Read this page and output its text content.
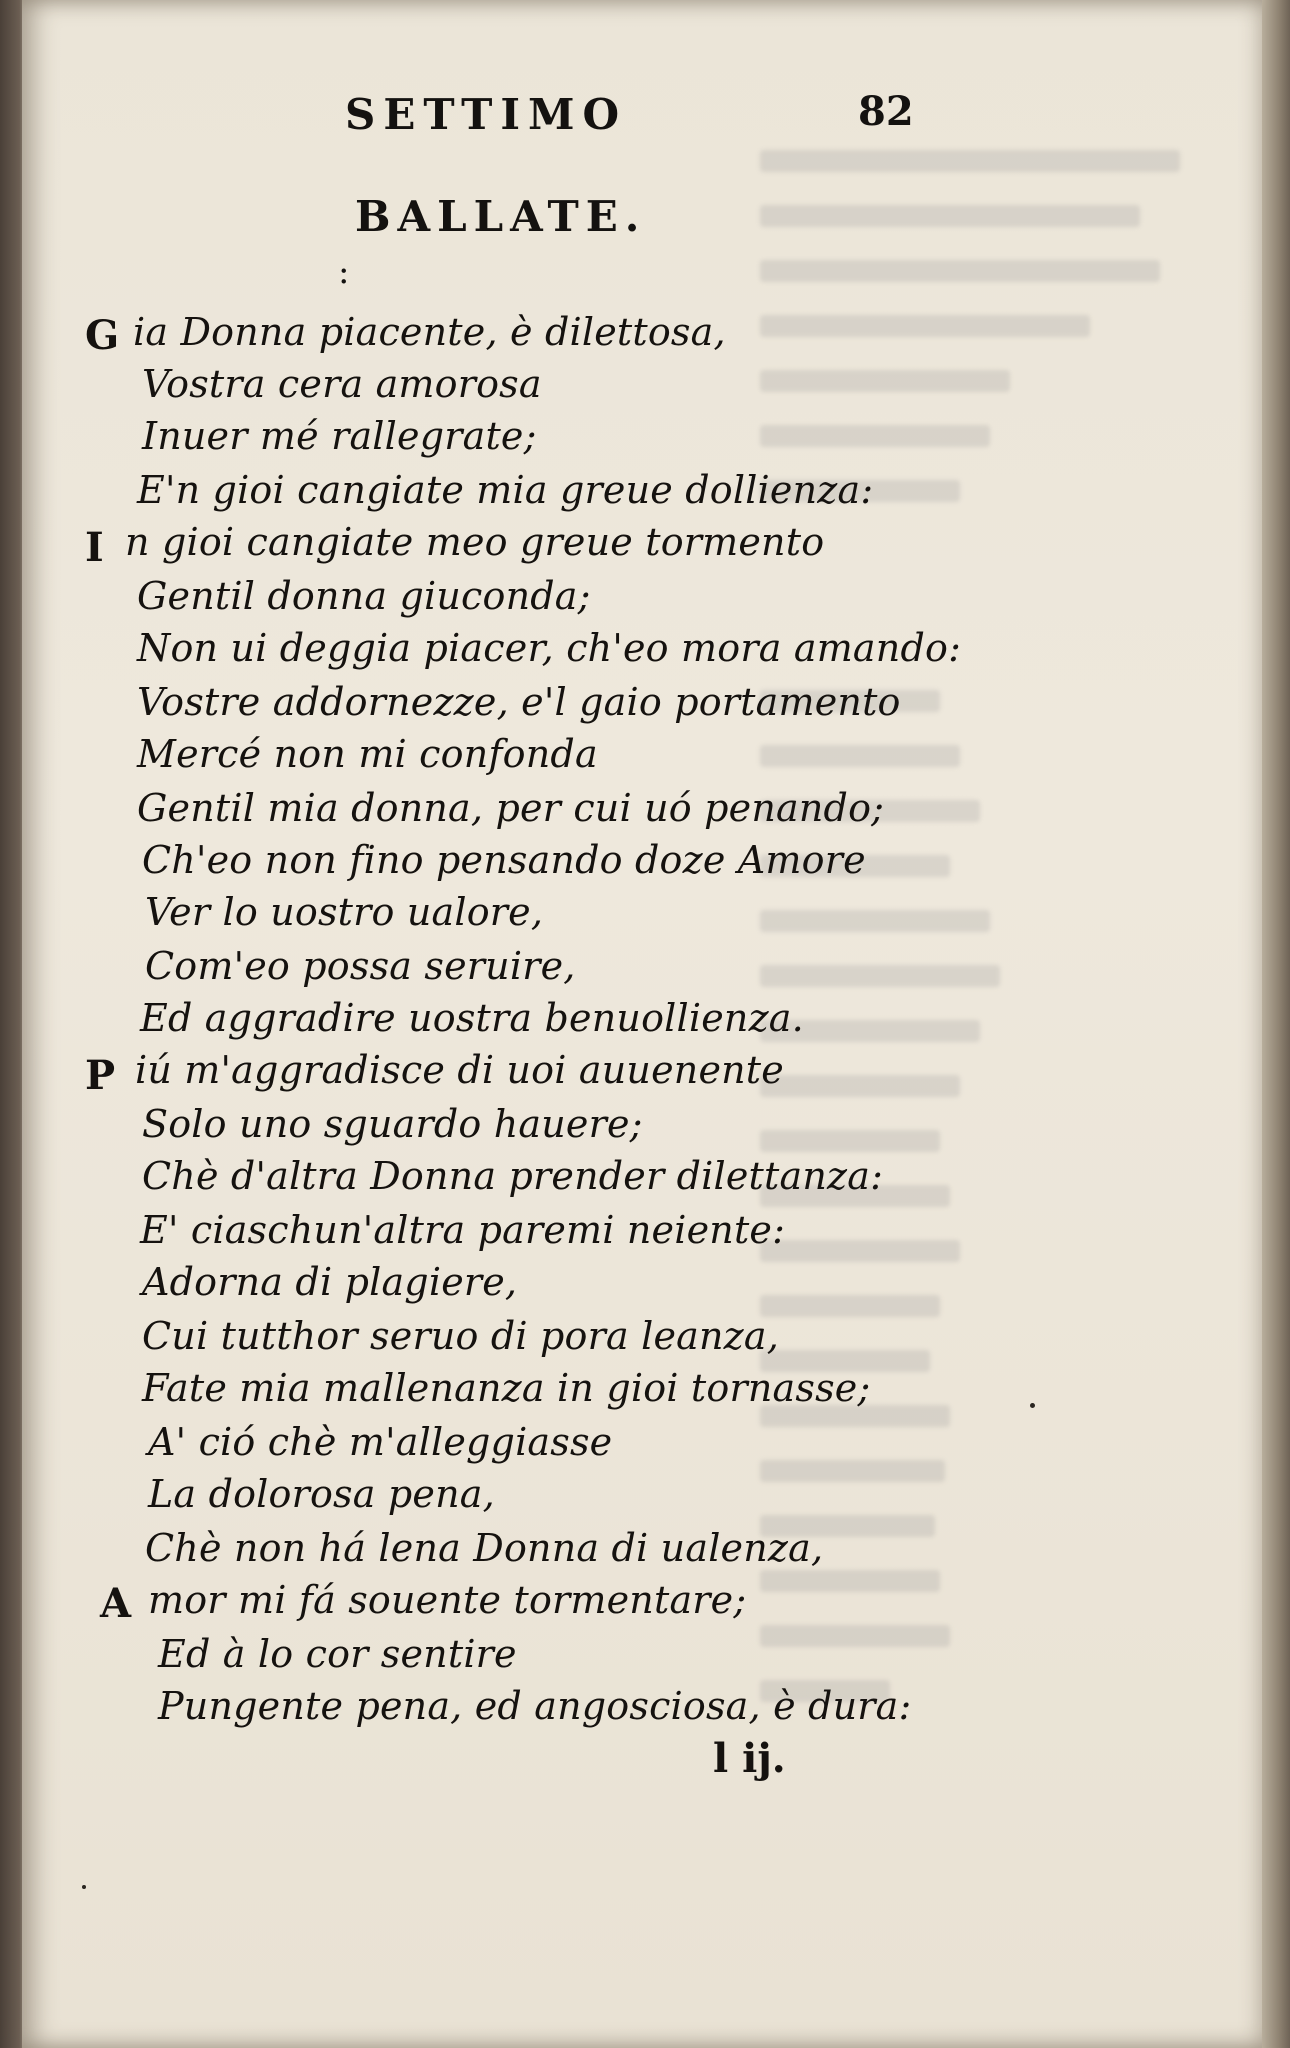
SETTIMO	82
BALLATE.
:
G ia Donna piacente, è dilettosa,
Vostra cera amorosa
Inuer mé rallegrate;
E'n gioi cangiate mia greue dollienza:
I n gioi cangiate meo greue tormento
Gentil donna giuconda;
Non ui deggia piacer, ch'eo mora amando:
Vostre addornezze, e'l gaio portamento
Mercé non mi confonda
Gentil mia donna, per cui uó penando;
Ch'eo non fino pensando doze Amore
Ver lo uostro ualore,
Com'eo possa seruire,
Ed aggradire uostra benuollienza.
P iú m'aggradisce di uoi auuenente
Solo uno sguardo hauere;
Chè d'altra Donna prender dilettanza:
E' ciaschun'altra paremi neiente:
Adorna di plagiere,
Cui tutthor seruo di pora leanza,
Fate mia mallenanza in gioi tornasse;
A' ció chè m'alleggiasse
La dolorosa pena,
Chè non há lena Donna di ualenza,
A mor mi fá souente tormentare;
Ed à lo cor sentire
Pungente pena, ed angosciosa, è dura:
l ij.
